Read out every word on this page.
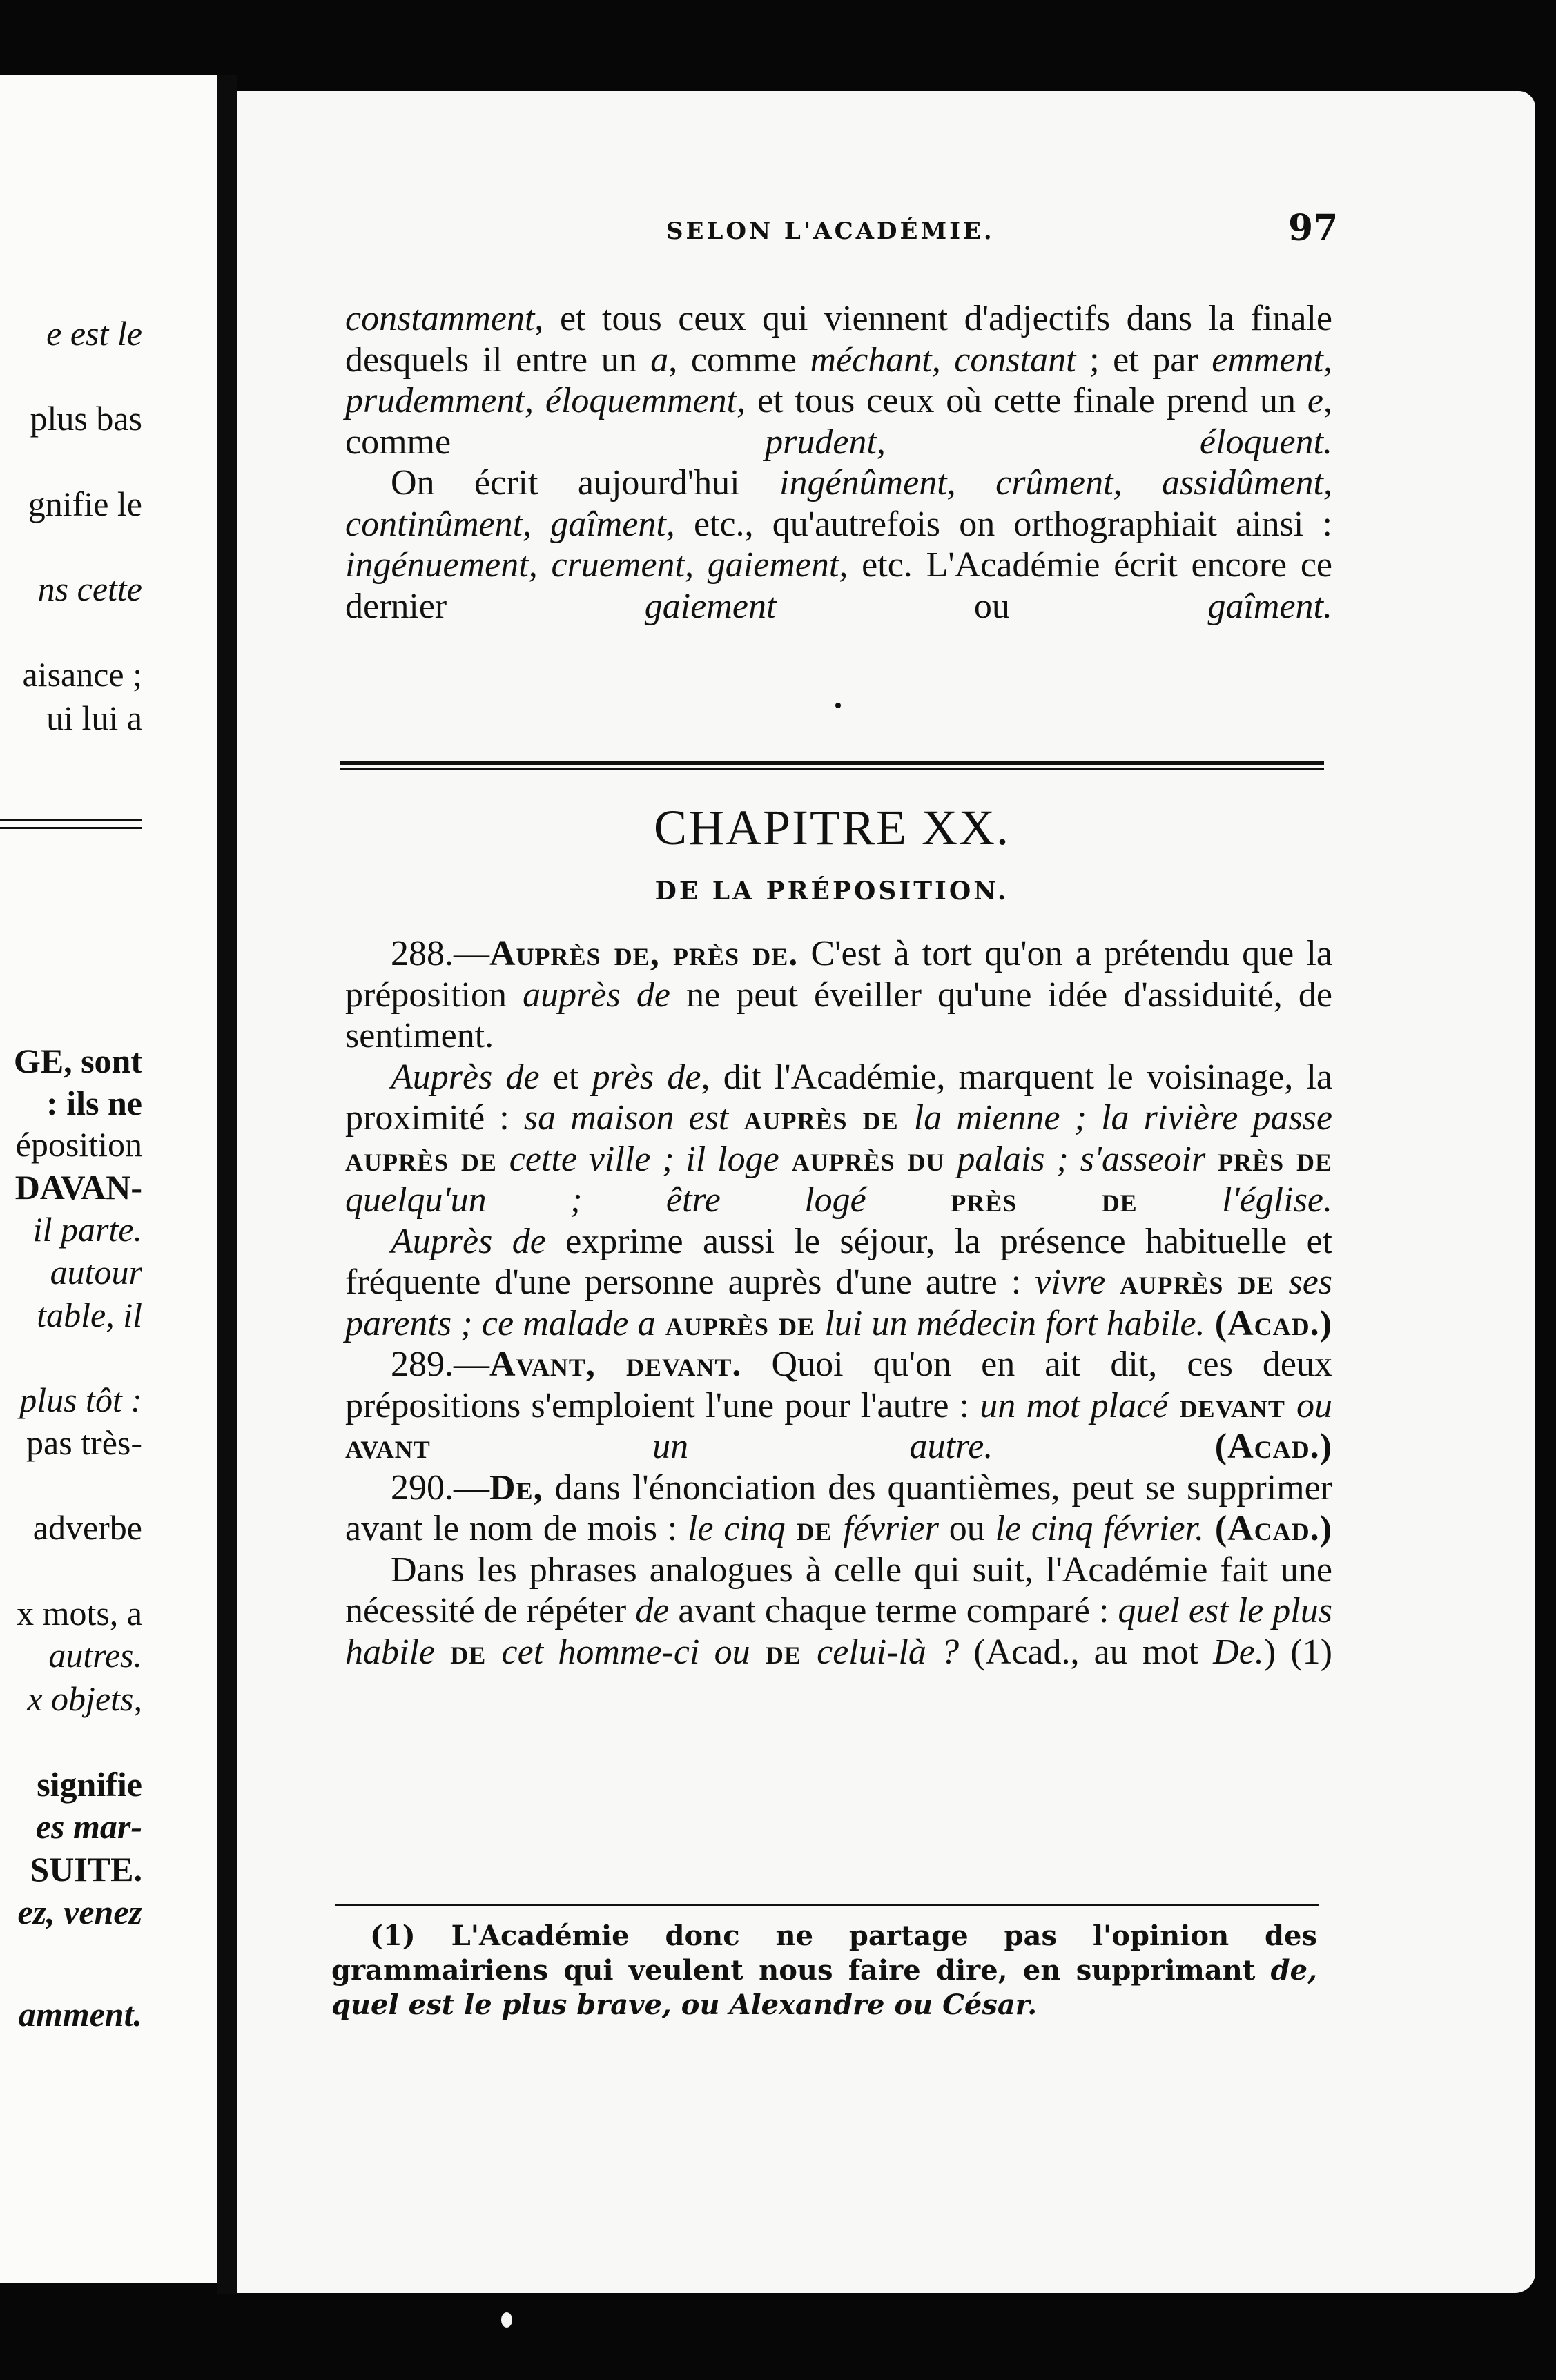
e est le
plus bas
gnifie le
ns cette
aisance ;
ui lui a
GE, sont
: ils ne
éposition
DAVAN-
il parte.
autour
table, il
plus tôt :
pas très-
adverbe
x mots, a
autres.
x objets,
signifie
es mar-
SUITE.
ez, venez
amment.
SELON L'ACADÉMIE.	97

constamment, et tous ceux qui viennent d'adjectifs dans la finale desquels il entre un a, comme méchant, constant ; et par emment, prudemment, éloquemment, et tous ceux où cette finale prend un e, comme prudent, éloquent.

On écrit aujourd'hui ingénûment, crûment, assidûment, continûment, gaîment, etc., qu'autrefois on orthographiait ainsi : ingénuement, cruement, gaiement, etc. L'Académie écrit encore ce dernier gaiement ou gaîment.

CHAPITRE XX.
DE LA PRÉPOSITION.

288.—Auprès de, près de. C'est à tort qu'on a prétendu que la préposition auprès de ne peut éveiller qu'une idée d'assiduité, de sentiment.

Auprès de et près de, dit l'Académie, marquent le voisinage, la proximité : sa maison est auprès de la mienne ; la rivière passe auprès de cette ville ; il loge auprès du palais ; s'asseoir près de quelqu'un ; être logé près de l'église.

Auprès de exprime aussi le séjour, la présence habituelle et fréquente d'une personne auprès d'une autre : vivre auprès de ses parents ; ce malade a auprès de lui un médecin fort habile. (Acad.)

289.—Avant, devant. Quoi qu'on en ait dit, ces deux prépositions s'emploient l'une pour l'autre : un mot placé devant ou avant un autre. (Acad.)

290.—De, dans l'énonciation des quantièmes, peut se supprimer avant le nom de mois : le cinq de février ou le cinq février. (Acad.)

Dans les phrases analogues à celle qui suit, l'Académie fait une nécessité de répéter de avant chaque terme comparé : quel est le plus habile de cet homme-ci ou de celui-là ? (Acad., au mot De.) (1)

(1) L'Académie donc ne partage pas l'opinion des grammairiens qui veulent nous faire dire, en supprimant de, quel est le plus brave, ou Alexandre ou César.
